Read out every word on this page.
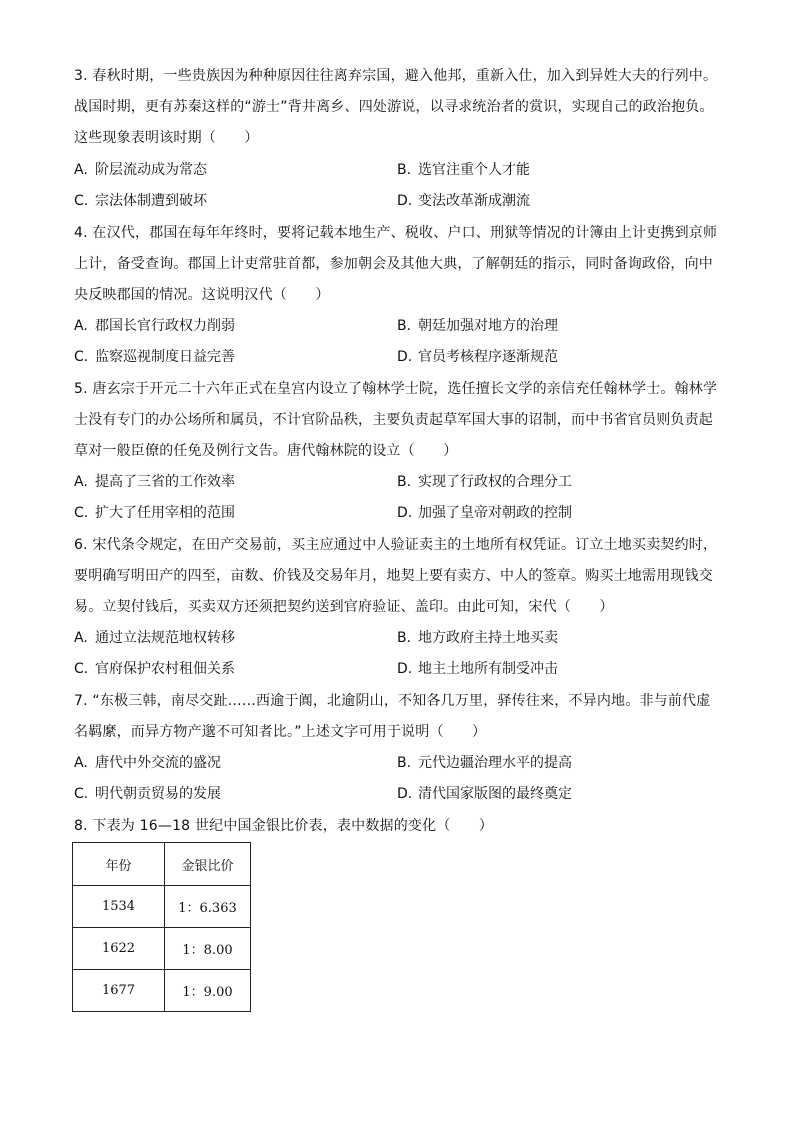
3. 春秋时期，一些贵族因为种种原因往往离弃宗国，避入他邦，重新入仕，加入到异姓大夫的行列中。战国时期，更有苏秦这样的“游士”背井离乡、四处游说，以寻求统治者的赏识，实现自己的政治抱负。这些现象表明该时期（　　）
A. 阶层流动成为常态	B. 选官注重个人才能
C. 宗法体制遭到破坏	D. 变法改革渐成潮流
4. 在汉代，郡国在每年年终时，要将记载本地生产、税收、户口、刑狱等情况的计簿由上计吏携到京师上计，备受查询。郡国上计吏常驻首都，参加朝会及其他大典，了解朝廷的指示，同时备询政俗，向中央反映郡国的情况。这说明汉代（　　）
A. 郡国长官行政权力削弱	B. 朝廷加强对地方的治理
C. 监察巡视制度日益完善	D. 官员考核程序逐渐规范
5. 唐玄宗于开元二十六年正式在皇宫内设立了翰林学士院，选任擅长文学的亲信充任翰林学士。翰林学士没有专门的办公场所和属员，不计官阶品秩，主要负责起草军国大事的诏制，而中书省官员则负责起草对一般臣僚的任免及例行文告。唐代翰林院的设立（　　）
A. 提高了三省的工作效率	B. 实现了行政权的合理分工
C. 扩大了任用宰相的范围	D. 加强了皇帝对朝政的控制
6. 宋代条令规定，在田产交易前，买主应通过中人验证卖主的土地所有权凭证。订立土地买卖契约时，要明确写明田产的四至，亩数、价钱及交易年月，地契上要有卖方、中人的签章。购买土地需用现钱交易。立契付钱后，买卖双方还须把契约送到官府验证、盖印。由此可知，宋代（　　）
A. 通过立法规范地权转移	B. 地方政府主持土地买卖
C. 官府保护农村租佃关系	D. 地主土地所有制受冲击
7. “东极三韩，南尽交趾……西逾于阗，北逾阴山，不知各几万里，驿传往来，不异内地。非与前代虚名羁縻，而异方物产邈不可知者比。”上述文字可用于说明（　　）
A. 唐代中外交流的盛况	B. 元代边疆治理水平的提高
C. 明代朝贡贸易的发展	D. 清代国家版图的最终奠定
8. 下表为 16—18 世纪中国金银比价表，表中数据的变化（　　）
年份	金银比价
1534	1：6.363
1622	1：8.00
1677	1：9.00
